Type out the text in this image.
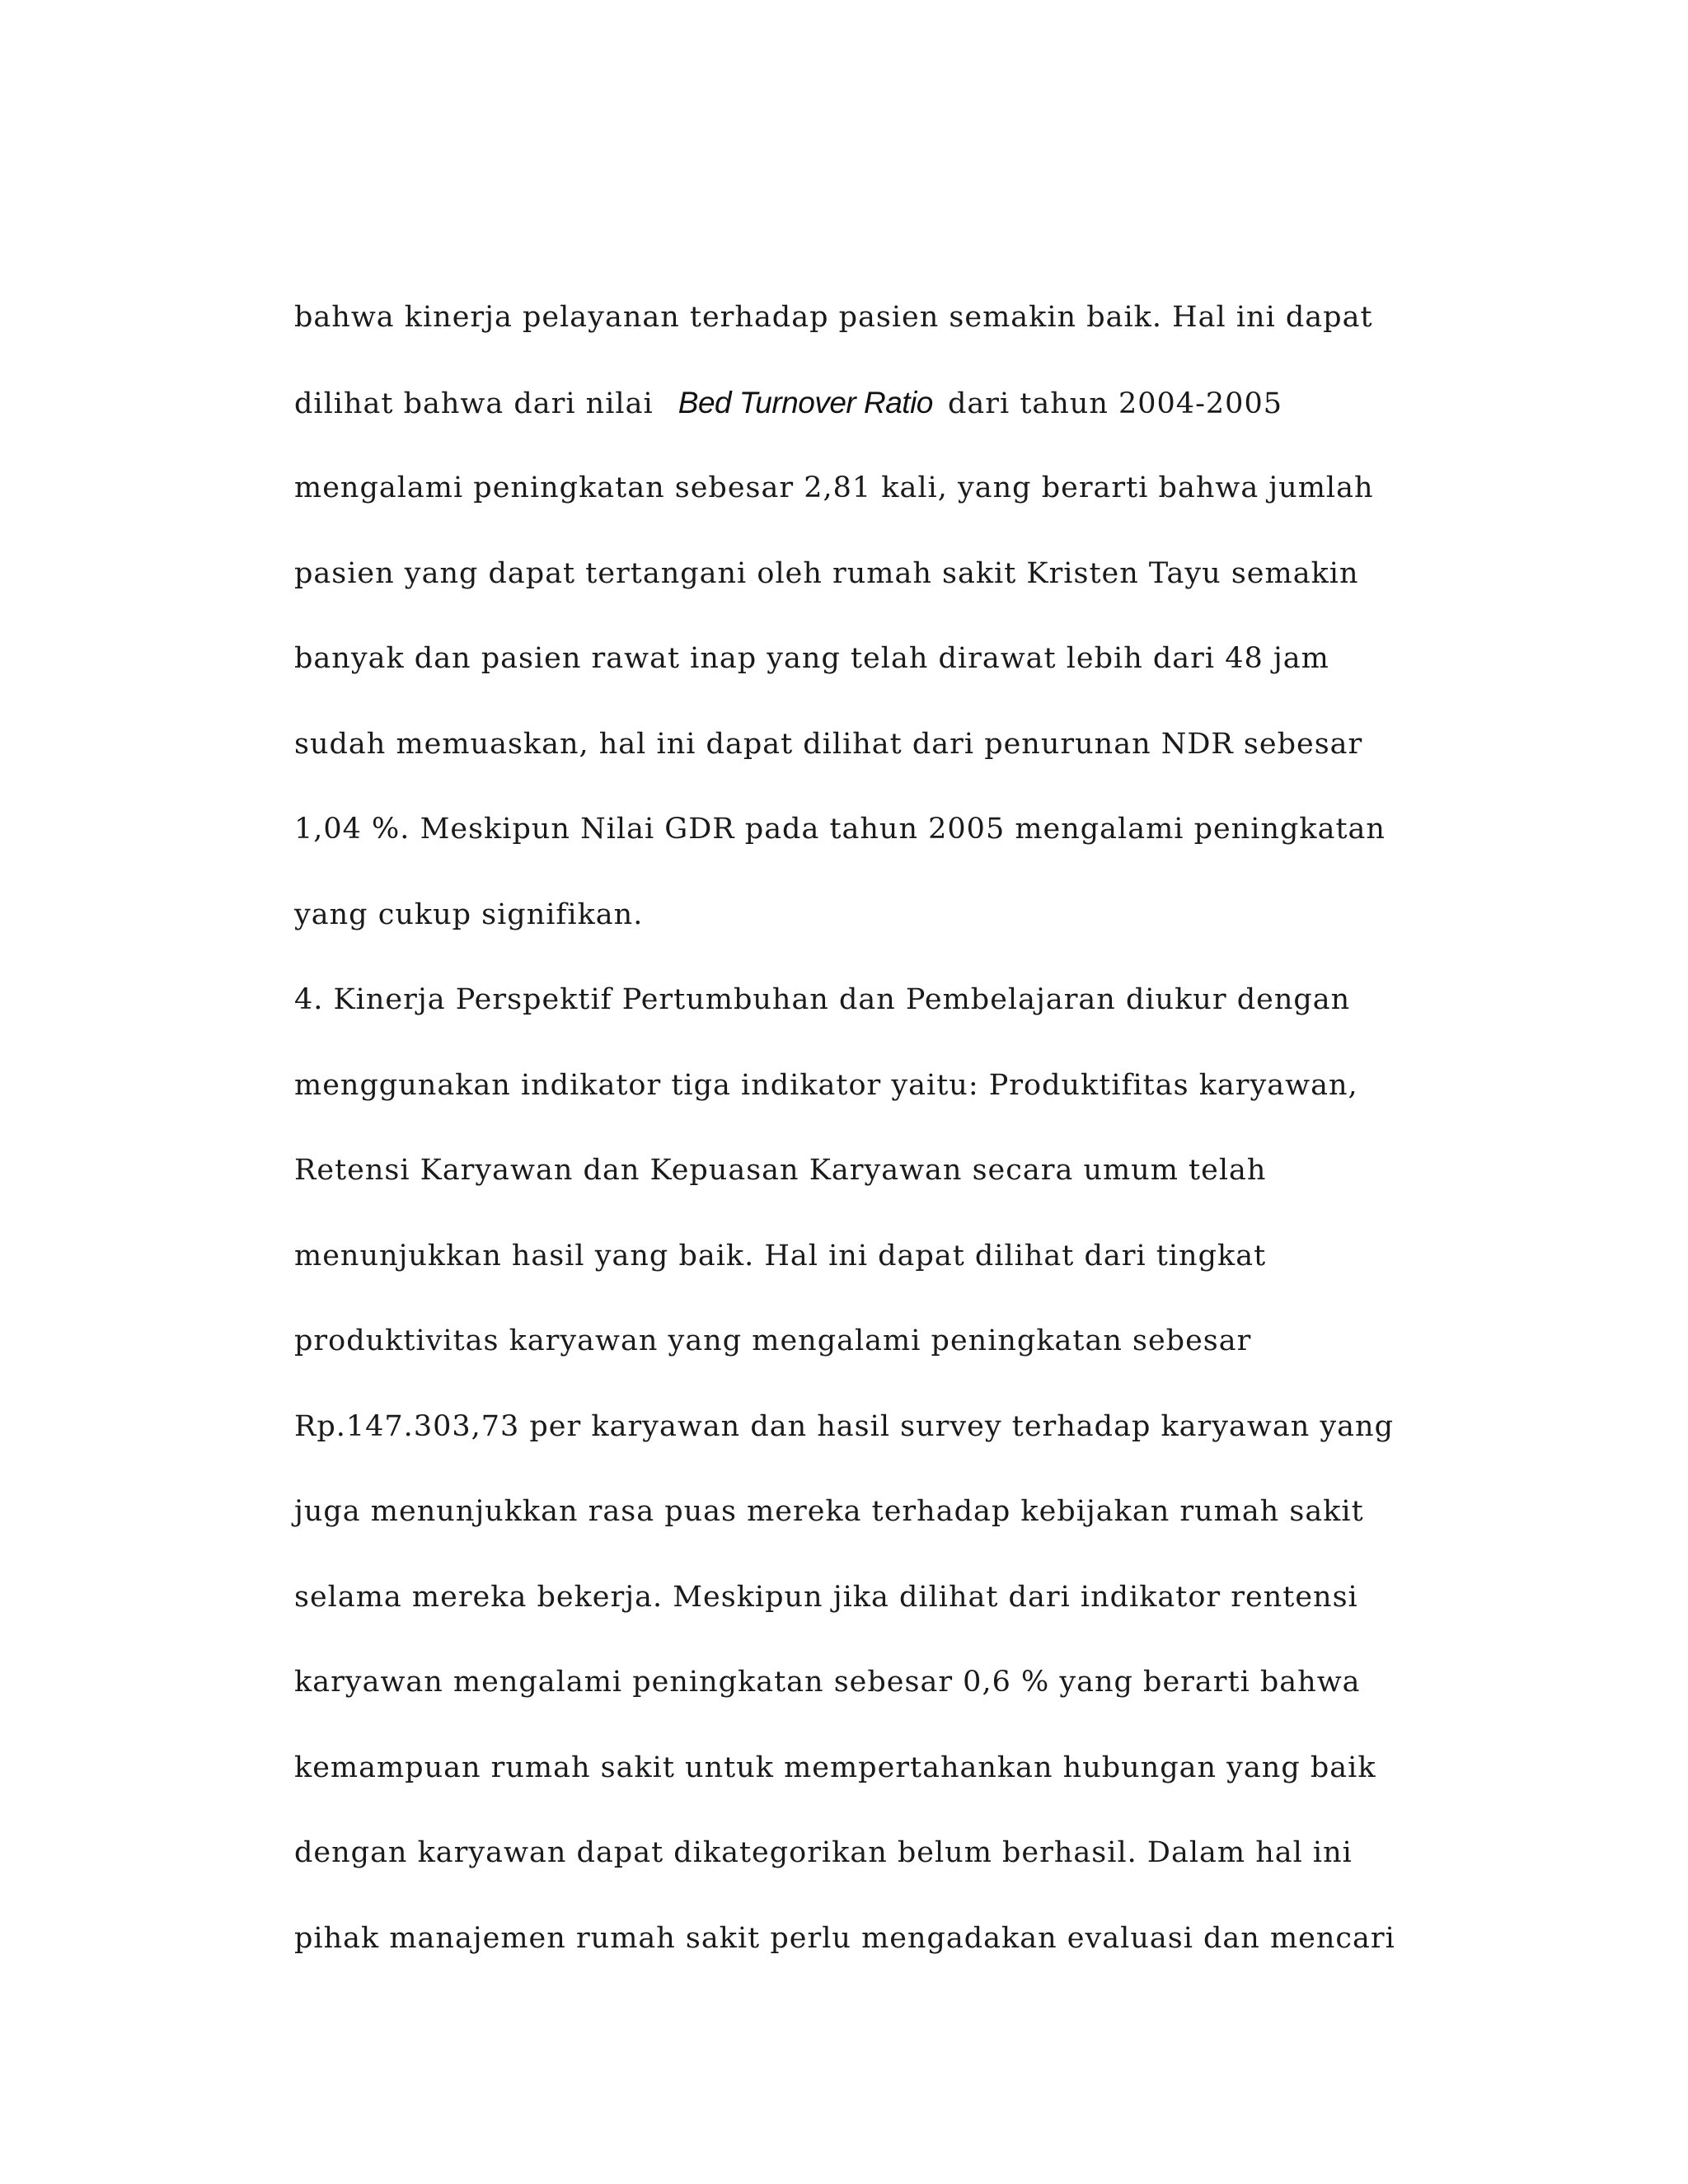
bahwa kinerja pelayanan terhadap pasien semakin baik. Hal ini dapat
dilihat bahwa dari nilai Bed Turnover Ratio dari tahun 2004-2005
mengalami peningkatan sebesar 2,81 kali, yang berarti bahwa jumlah
pasien yang dapat tertangani oleh rumah sakit Kristen Tayu semakin
banyak dan pasien rawat inap yang telah dirawat lebih dari 48 jam
sudah memuaskan, hal ini dapat dilihat dari penurunan NDR sebesar
1,04 %. Meskipun Nilai GDR pada tahun 2005 mengalami peningkatan
yang cukup signifikan.
4. Kinerja Perspektif Pertumbuhan dan Pembelajaran diukur dengan
menggunakan indikator tiga indikator yaitu: Produktifitas karyawan,
Retensi Karyawan dan Kepuasan Karyawan secara umum telah
menunjukkan hasil yang baik. Hal ini dapat dilihat dari tingkat
produktivitas karyawan yang mengalami peningkatan sebesar
Rp.147.303,73 per karyawan dan hasil survey terhadap karyawan yang
juga menunjukkan rasa puas mereka terhadap kebijakan rumah sakit
selama mereka bekerja. Meskipun jika dilihat dari indikator rentensi
karyawan mengalami peningkatan sebesar 0,6 % yang berarti bahwa
kemampuan rumah sakit untuk mempertahankan hubungan yang baik
dengan karyawan dapat dikategorikan belum berhasil. Dalam hal ini
pihak manajemen rumah sakit perlu mengadakan evaluasi dan mencari
